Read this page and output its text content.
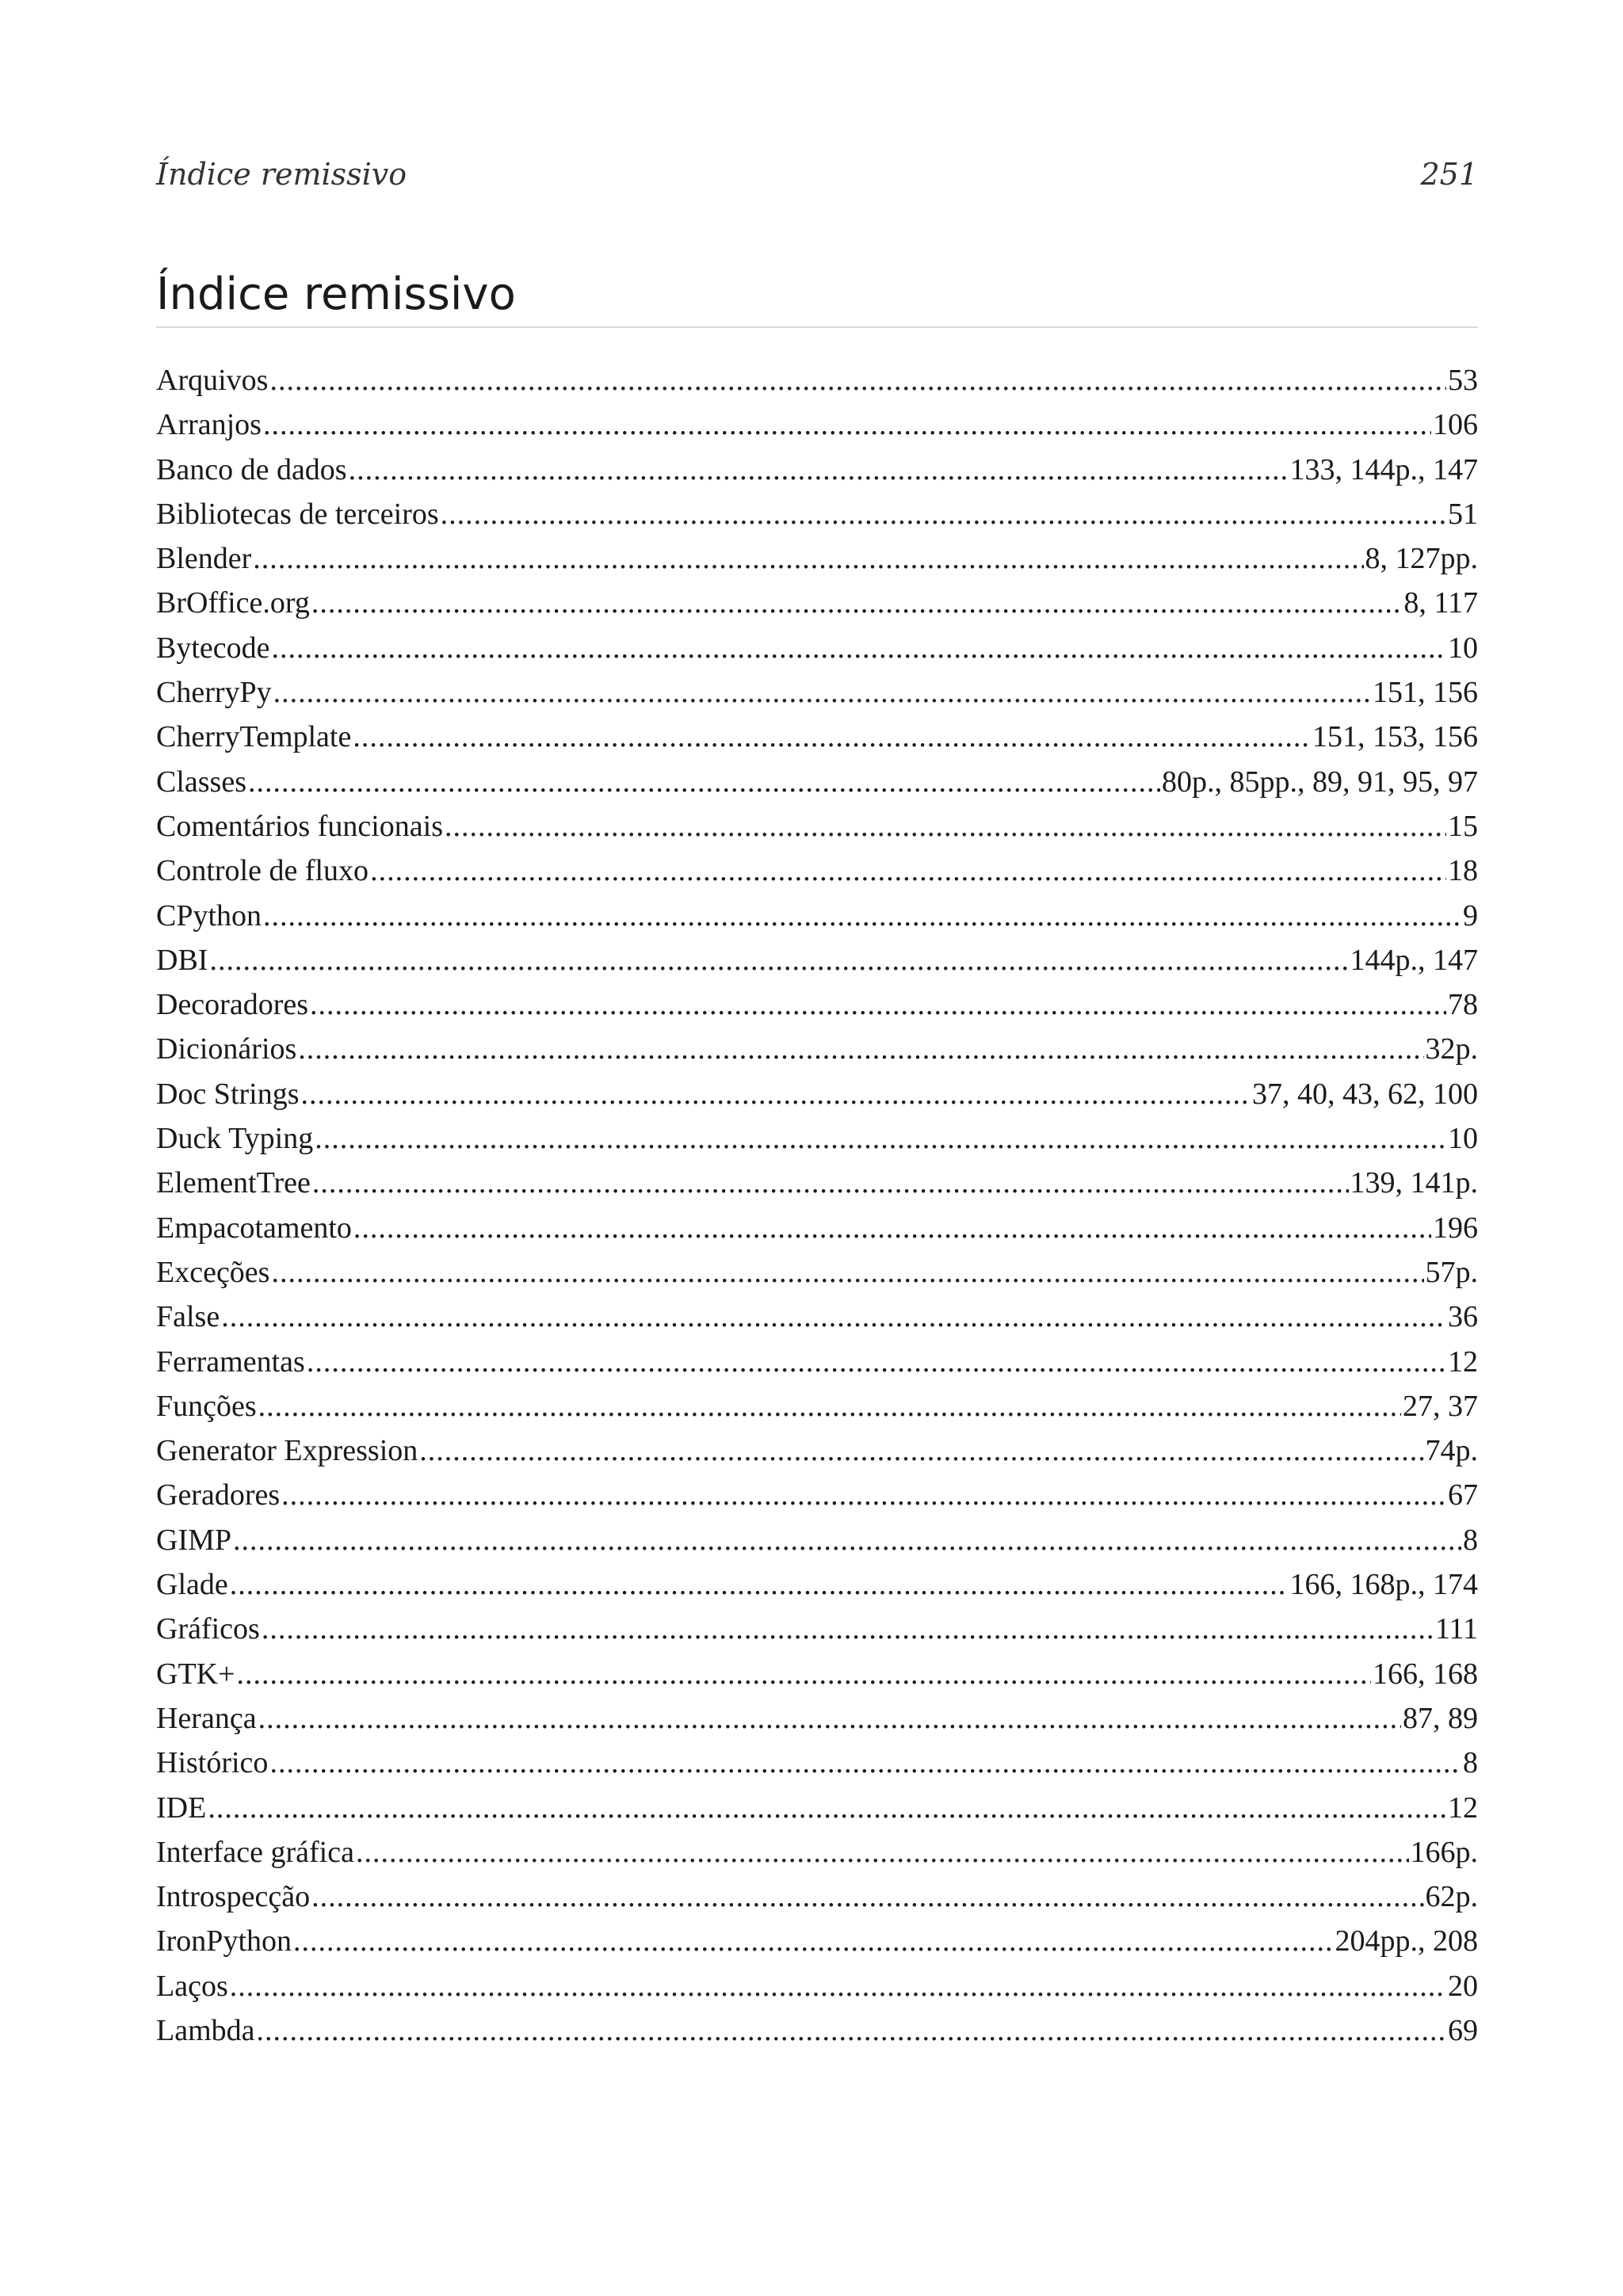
Índice remissivo	251
Índice remissivo
Arquivos .....	53
Arranjos .....	106
Banco de dados .....	133, 144p., 147
Bibliotecas de terceiros .....	51
Blender .....	8, 127pp.
BrOffice.org .....	8, 117
Bytecode .....	10
CherryPy .....	151, 156
CherryTemplate .....	151, 153, 156
Classes .....	80p., 85pp., 89, 91, 95, 97
Comentários funcionais .....	15
Controle de fluxo .....	18
CPython .....	9
DBI .....	144p., 147
Decoradores .....	78
Dicionários .....	32p.
Doc Strings .....	37, 40, 43, 62, 100
Duck Typing .....	10
ElementTree .....	139, 141p.
Empacotamento .....	196
Exceções .....	57p.
False .....	36
Ferramentas .....	12
Funções .....	27, 37
Generator Expression .....	74p.
Geradores .....	67
GIMP .....	8
Glade .....	166, 168p., 174
Gráficos .....	111
GTK+ .....	166, 168
Herança .....	87, 89
Histórico .....	8
IDE .....	12
Interface gráfica .....	166p.
Introspecção .....	62p.
IronPython .....	204pp., 208
Laços .....	20
Lambda .....	69
